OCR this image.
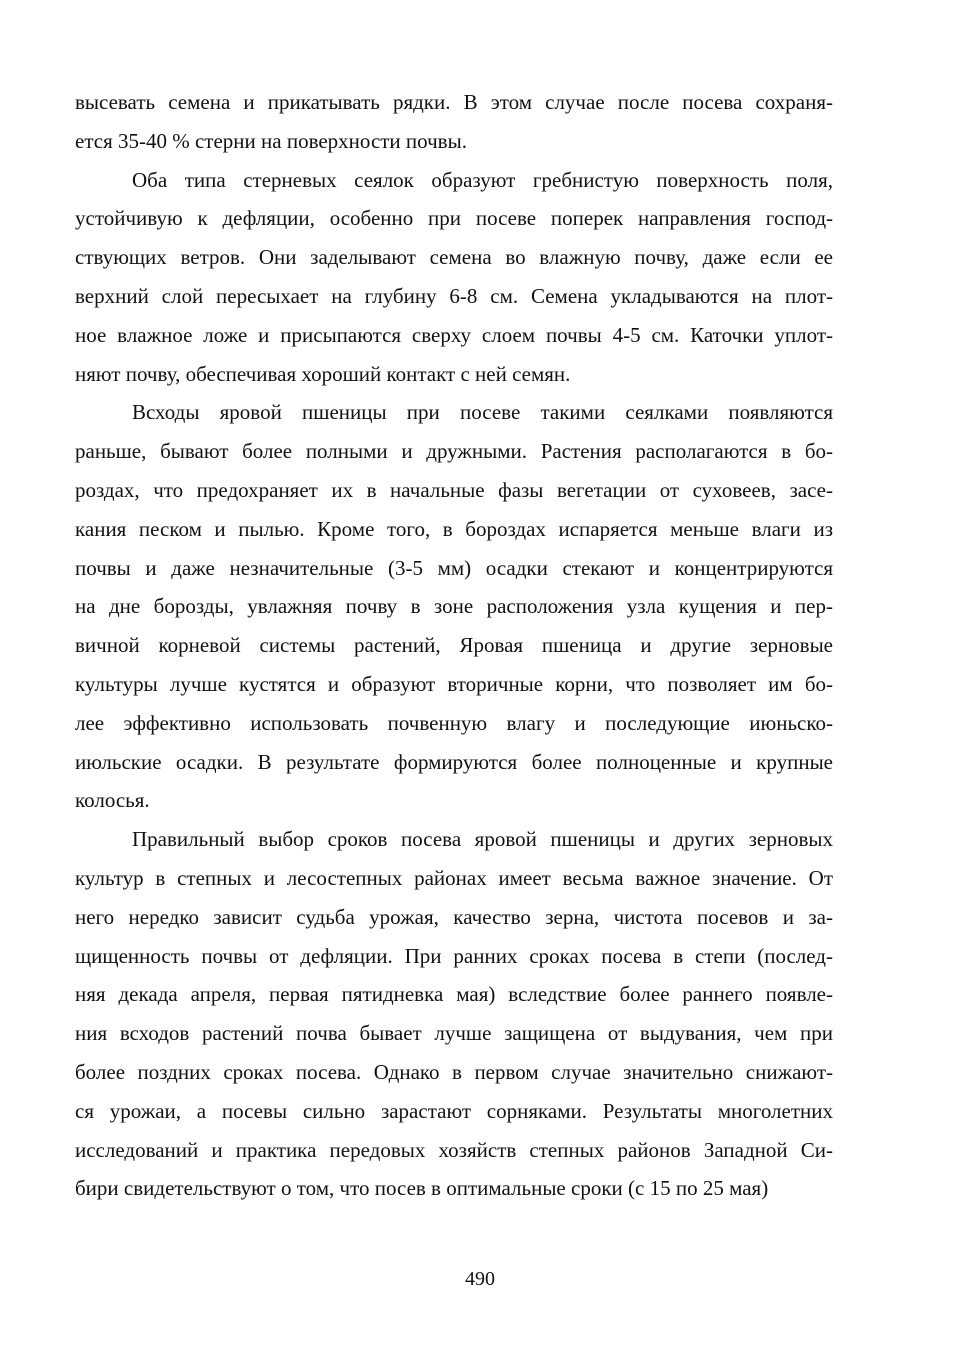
высевать семена и прикатывать рядки. В этом случае после посева сохраня-
ется 35-40 % стерни на поверхности почвы.
Оба типа стерневых сеялок образуют гребнистую поверхность поля,
устойчивую к дефляции, особенно при посеве поперек направления господ-
ствующих ветров. Они заделывают семена во влажную почву, даже если ее
верхний слой пересыхает на глубину 6-8 см. Семена укладываются на плот-
ное влажное ложе и присыпаются сверху слоем почвы 4-5 см. Каточки уплот-
няют почву, обеспечивая хороший контакт с ней семян.
Всходы яровой пшеницы при посеве такими сеялками появляются
раньше, бывают более полными и дружными. Растения располагаются в бо-
роздах, что предохраняет их в начальные фазы вегетации от суховеев, засе-
кания песком и пылью. Кроме того, в бороздах испаряется меньше влаги из
почвы и даже незначительные (3-5 мм) осадки стекают и концентрируются
на дне борозды, увлажняя почву в зоне расположения узла кущения и пер-
вичной корневой системы растений, Яровая пшеница и другие зерновые
культуры лучше кустятся и образуют вторичные корни, что позволяет им бо-
лее эффективно использовать почвенную влагу и последующие июньско-
июльские осадки. В результате формируются более полноценные и крупные
колосья.
Правильный выбор сроков посева яровой пшеницы и других зерновых
культур в степных и лесостепных районах имеет весьма важное значение. От
него нередко зависит судьба урожая, качество зерна, чистота посевов и за-
щищенность почвы от дефляции. При ранних сроках посева в степи (послед-
няя декада апреля, первая пятидневка мая) вследствие более раннего появле-
ния всходов растений почва бывает лучше защищена от выдувания, чем при
более поздних сроках посева. Однако в первом случае значительно снижают-
ся урожаи, а посевы сильно зарастают сорняками. Результаты многолетних
исследований и практика передовых хозяйств степных районов Западной Си-
бири свидетельствуют о том, что посев в оптимальные сроки (с 15 по 25 мая)
490
